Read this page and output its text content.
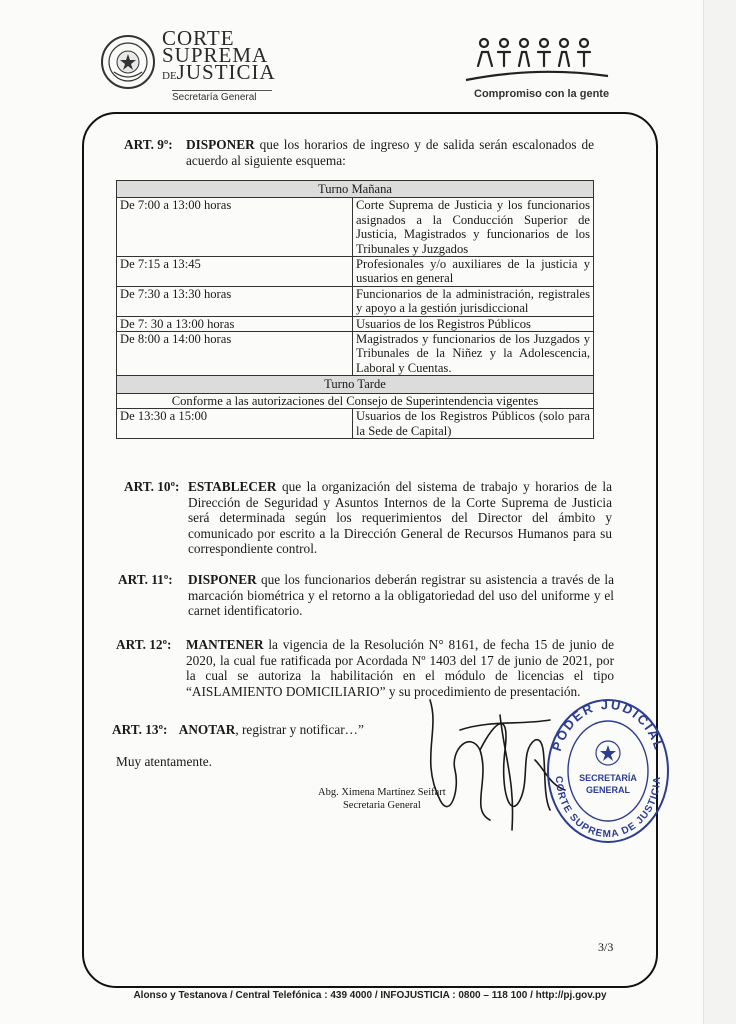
CORTE
SUPREMA
DEJUSTICIA
Secretaría General	Compromiso con la gente
ART. 9º: DISPONER que los horarios de ingreso y de salida serán escalonados de acuerdo al siguiente esquema:
Turno Mañana	
De 7:00 a 13:00 horas	Corte Suprema de Justicia y los funcionarios asignados a la Conducción Superior de Justicia, Magistrados y funcionarios de los Tribunales y Juzgados
De 7:15 a 13:45	Profesionales y/o auxiliares de la justicia y usuarios en general
De 7:30 a 13:30 horas	Funcionarios de la administración, registrales y apoyo a la gestión jurisdiccional
De 7: 30 a 13:00 horas	Usuarios de los Registros Públicos
De 8:00 a 14:00 horas	Magistrados y funcionarios de los Juzgados y Tribunales de la Niñez y la Adolescencia, Laboral y Cuentas.
Turno Tarde	
Conforme a las autorizaciones del Consejo de Superintendencia vigentes	
De 13:30 a 15:00	Usuarios de los Registros Públicos (solo para la Sede de Capital)
ART. 10º: ESTABLECER que la organización del sistema de trabajo y horarios de la Dirección de Seguridad y Asuntos Internos de la Corte Suprema de Justicia será determinada según los requerimientos del Director del ámbito y comunicado por escrito a la Dirección General de Recursos Humanos para su correspondiente control.
ART. 11º: DISPONER que los funcionarios deberán registrar su asistencia a través de la marcación biométrica y el retorno a la obligatoriedad del uso del uniforme y el carnet identificatorio.
ART. 12º: MANTENER la vigencia de la Resolución N° 8161, de fecha 15 de junio de 2020, la cual fue ratificada por Acordada Nº 1403 del 17 de junio de 2021, por la cual se autoriza la habilitación en el módulo de licencias el tipo “AISLAMIENTO DOMICILIARIO” y su procedimiento de presentación.
ART. 13º: ANOTAR, registrar y notificar…”
Muy atentamente.
Abg. Ximena Martínez Seifart
Secretaria General
PODER JUDICIAL
CORTE SUPREMA DE JUSTICIA
SECRETARÍA
GENERAL
3/3
Alonso y Testanova / Central Telefónica : 439 4000 / INFOJUSTICIA : 0800 – 118 100 / http://pj.gov.py
